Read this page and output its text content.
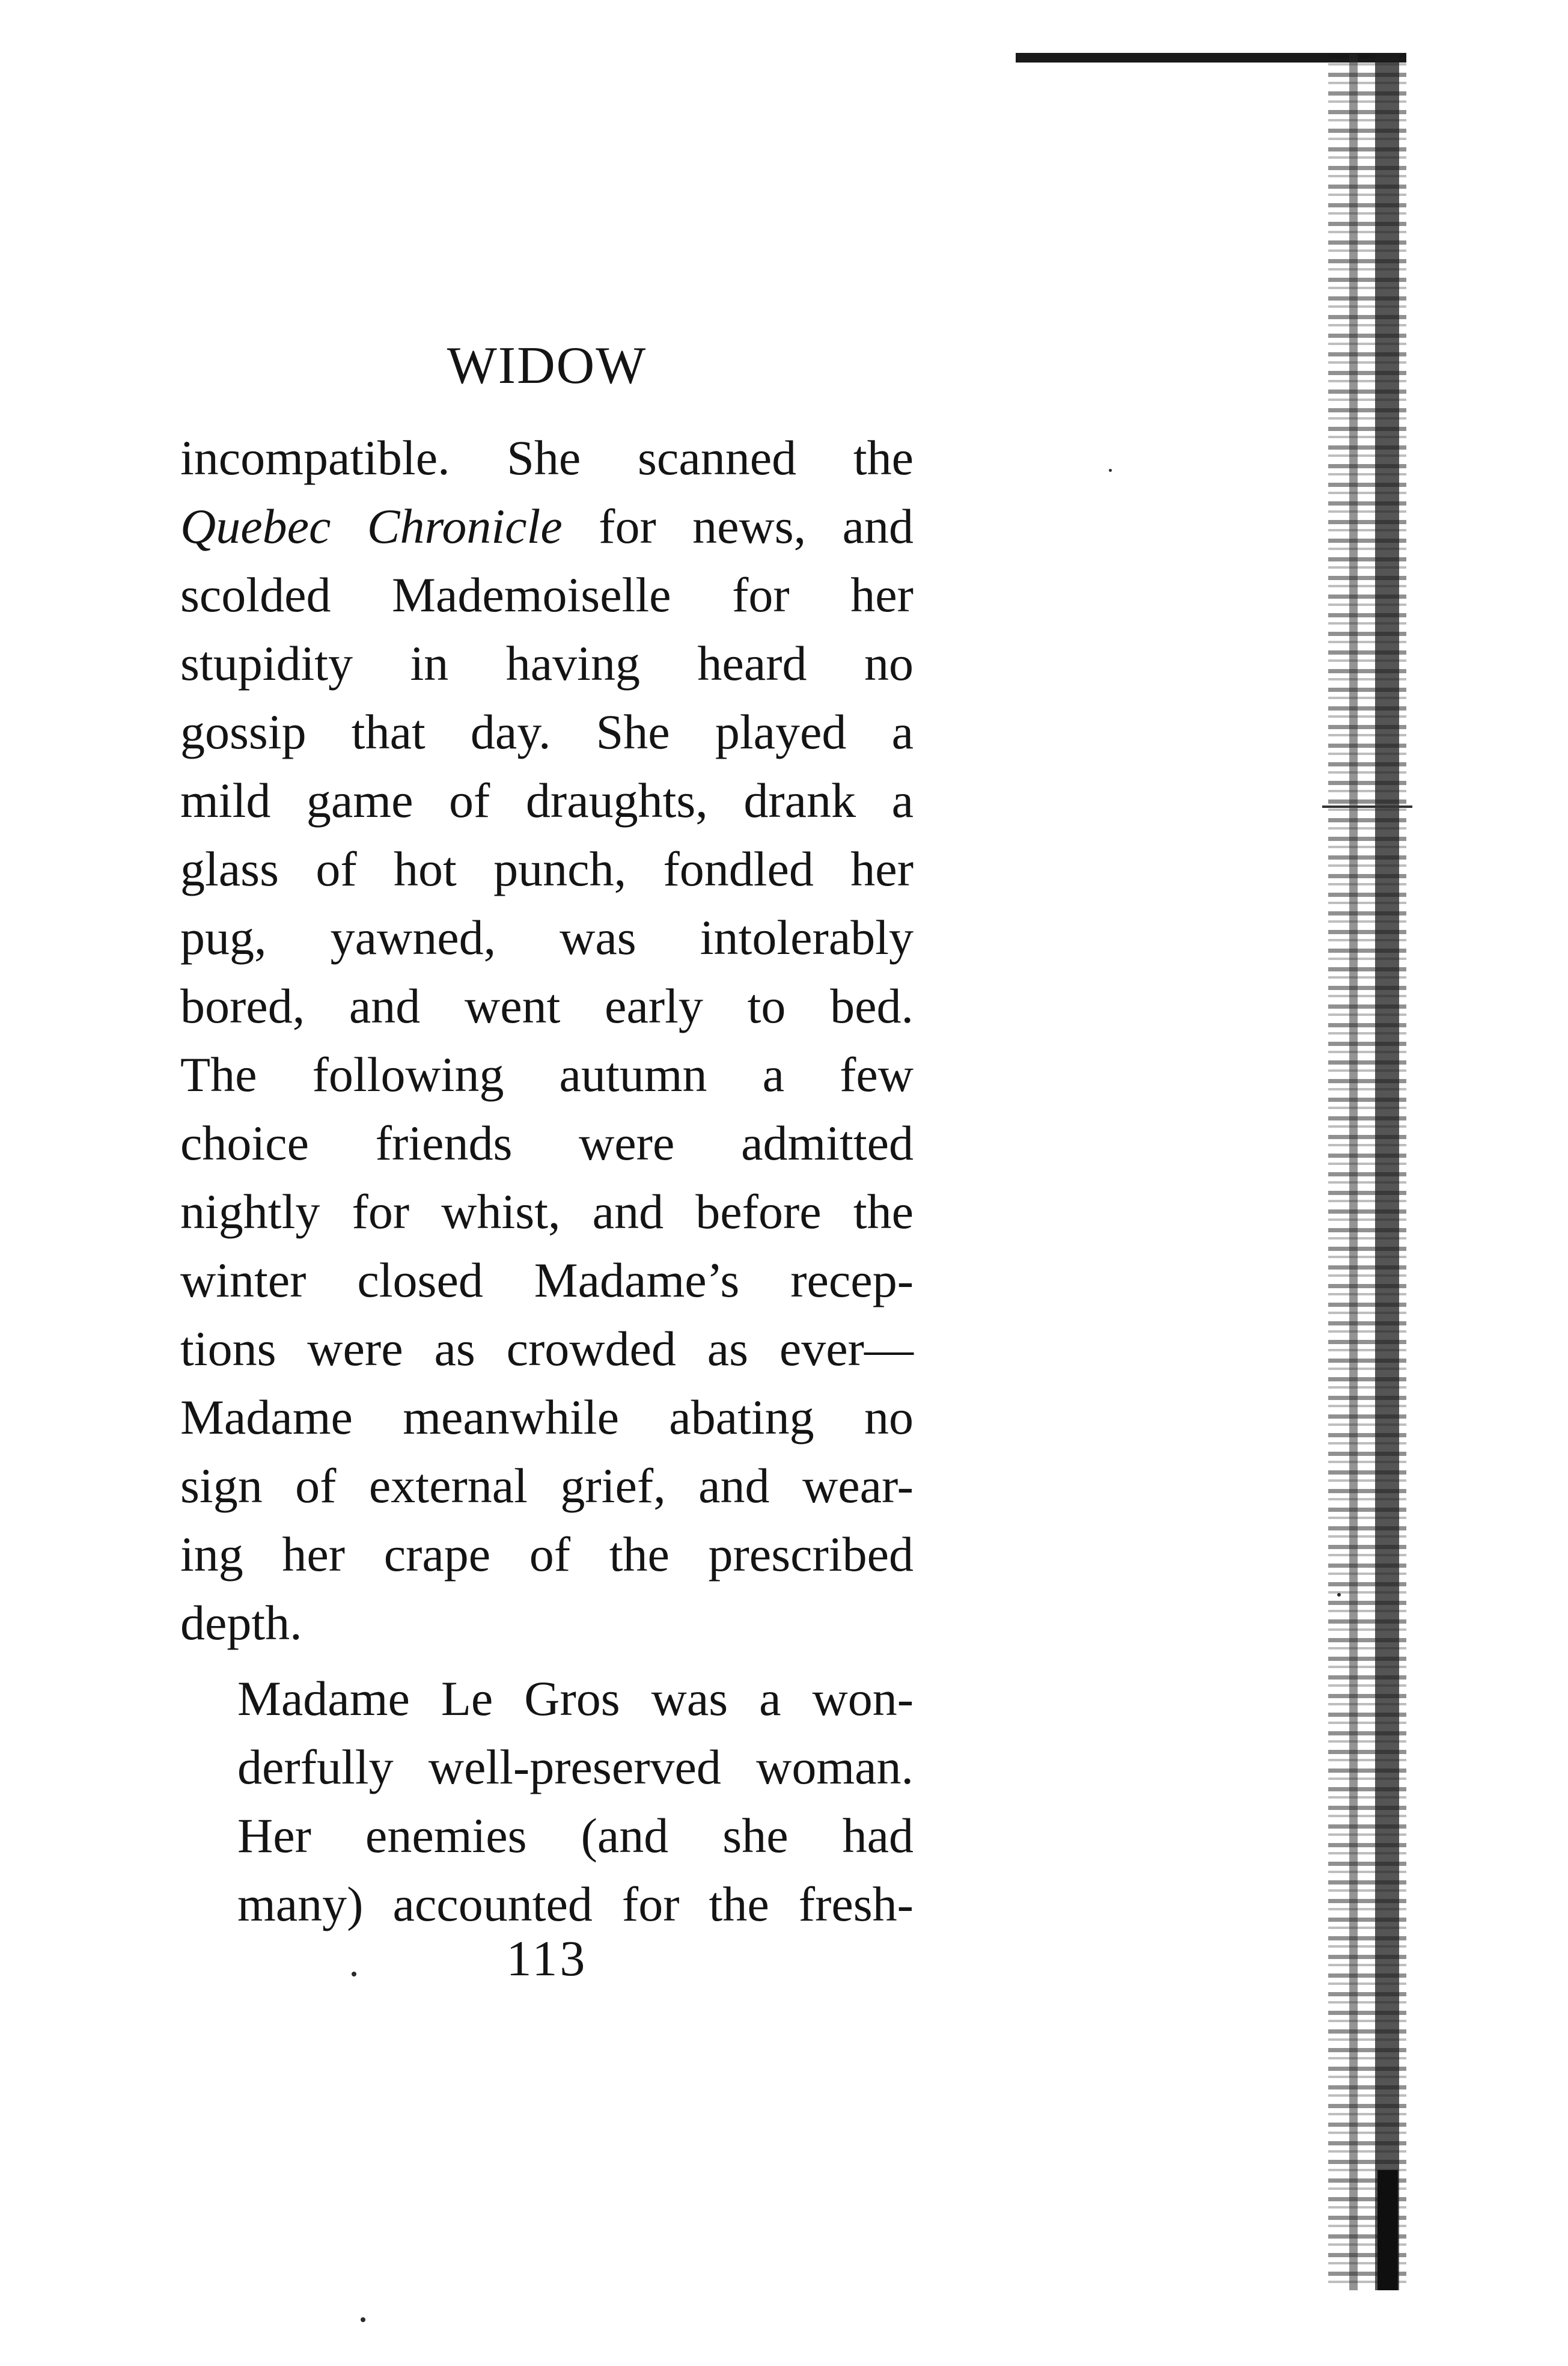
WIDOW

incompatible. She scanned the
Quebec Chronicle for news, and
scolded Mademoiselle for her
stupidity in having heard no
gossip that day. She played a
mild game of draughts, drank a
glass of hot punch, fondled her
pug, yawned, was intolerably
bored, and went early to bed.
The following autumn a few
choice friends were admitted
nightly for whist, and before the
winter closed Madame’s recep-
tions were as crowded as ever—
Madame meanwhile abating no
sign of external grief, and wear-
ing her crape of the prescribed
depth.

Madame Le Gros was a won-
derfully well-preserved woman.
Her enemies (and she had
many) accounted for the fresh-

113
